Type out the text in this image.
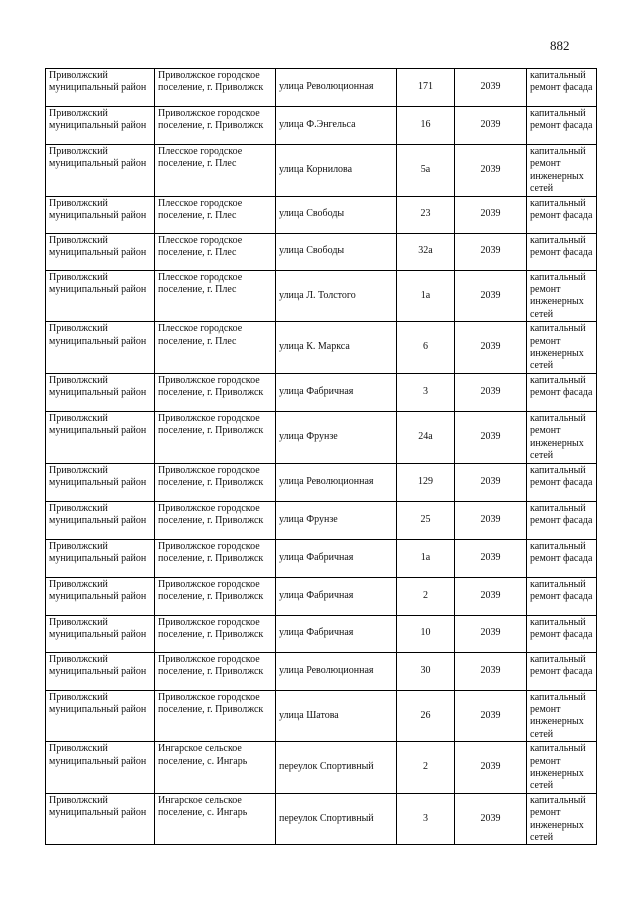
882
Приволжский муниципальный район	Приволжское городское поселение, г. Приволжск	улица Революционная	171	2039	капитальный ремонт фасада
Приволжский муниципальный район	Приволжское городское поселение, г. Приволжск	улица Ф.Энгельса	16	2039	капитальный ремонт фасада
Приволжский муниципальный район	Плесское городское поселение, г. Плес	улица Корнилова	5а	2039	капитальный ремонт инженерных сетей
Приволжский муниципальный район	Плесское городское поселение, г. Плес	улица Свободы	23	2039	капитальный ремонт фасада
Приволжский муниципальный район	Плесское городское поселение, г. Плес	улица Свободы	32а	2039	капитальный ремонт фасада
Приволжский муниципальный район	Плесское городское поселение, г. Плес	улица Л. Толстого	1а	2039	капитальный ремонт инженерных сетей
Приволжский муниципальный район	Плесское городское поселение, г. Плес	улица К. Маркса	6	2039	капитальный ремонт инженерных сетей
Приволжский муниципальный район	Приволжское городское поселение, г. Приволжск	улица Фабричная	3	2039	капитальный ремонт фасада
Приволжский муниципальный район	Приволжское городское поселение, г. Приволжск	улица Фрунзе	24а	2039	капитальный ремонт инженерных сетей
Приволжский муниципальный район	Приволжское городское поселение, г. Приволжск	улица Революционная	129	2039	капитальный ремонт фасада
Приволжский муниципальный район	Приволжское городское поселение, г. Приволжск	улица Фрунзе	25	2039	капитальный ремонт фасада
Приволжский муниципальный район	Приволжское городское поселение, г. Приволжск	улица Фабричная	1а	2039	капитальный ремонт фасада
Приволжский муниципальный район	Приволжское городское поселение, г. Приволжск	улица Фабричная	2	2039	капитальный ремонт фасада
Приволжский муниципальный район	Приволжское городское поселение, г. Приволжск	улица Фабричная	10	2039	капитальный ремонт фасада
Приволжский муниципальный район	Приволжское городское поселение, г. Приволжск	улица Революционная	30	2039	капитальный ремонт фасада
Приволжский муниципальный район	Приволжское городское поселение, г. Приволжск	улица Шатова	26	2039	капитальный ремонт инженерных сетей
Приволжский муниципальный район	Ингарское сельское поселение, с. Ингарь	переулок Спортивный	2	2039	капитальный ремонт инженерных сетей
Приволжский муниципальный район	Ингарское сельское поселение, с. Ингарь	переулок Спортивный	3	2039	капитальный ремонт инженерных сетей
